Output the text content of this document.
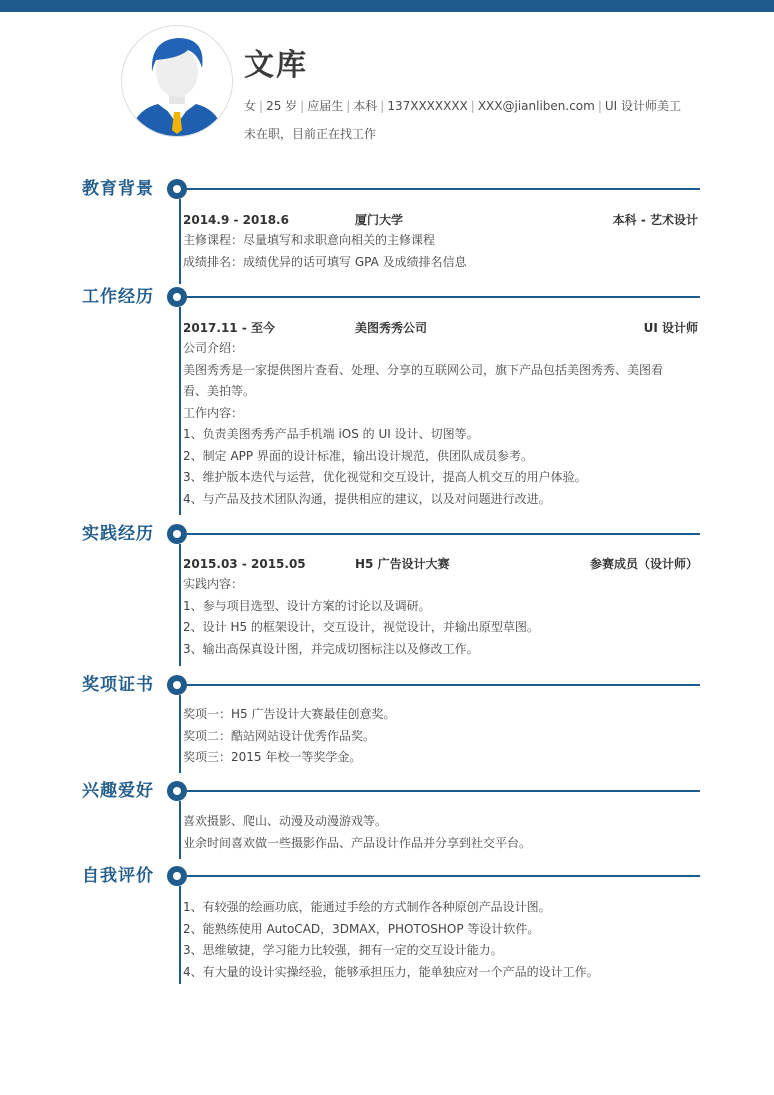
文库
女 | 25 岁 | 应届生 | 本科 | 137XXXXXXX | XXX@jianliben.com | UI 设计师美工
未在职，目前正在找工作
教育背景
2014.9 - 2018.6	厦门大学	本科 - 艺术设计
主修课程：尽量填写和求职意向相关的主修课程
成绩排名：成绩优异的话可填写 GPA 及成绩排名信息
工作经历
2017.11 - 至今	美图秀秀公司	UI 设计师
公司介绍：
美图秀秀是一家提供图片查看、处理、分享的互联网公司，旗下产品包括美图秀秀、美图看
看、美拍等。
工作内容：
1、负责美图秀秀产品手机端 iOS 的 UI 设计、切图等。
2、制定 APP 界面的设计标准，输出设计规范，供团队成员参考。
3、维护版本迭代与运营，优化视觉和交互设计，提高人机交互的用户体验。
4、与产品及技术团队沟通，提供相应的建议，以及对问题进行改进。
实践经历
2015.03 - 2015.05	H5 广告设计大赛	参赛成员（设计师）
实践内容：
1、参与项目选型、设计方案的讨论以及调研。
2、设计 H5 的框架设计，交互设计，视觉设计，并输出原型草图。
3、输出高保真设计图，并完成切图标注以及修改工作。
奖项证书
奖项一：H5 广告设计大赛最佳创意奖。
奖项二：酷站网站设计优秀作品奖。
奖项三：2015 年校一等奖学金。
兴趣爱好
喜欢摄影、爬山、动漫及动漫游戏等。
业余时间喜欢做一些摄影作品、产品设计作品并分享到社交平台。
自我评价
1、有较强的绘画功底，能通过手绘的方式制作各种原创产品设计图。
2、能熟练使用 AutoCAD，3DMAX，PHOTOSHOP 等设计软件。
3、思维敏捷，学习能力比较强，拥有一定的交互设计能力。
4、有大量的设计实操经验，能够承担压力，能单独应对一个产品的设计工作。
